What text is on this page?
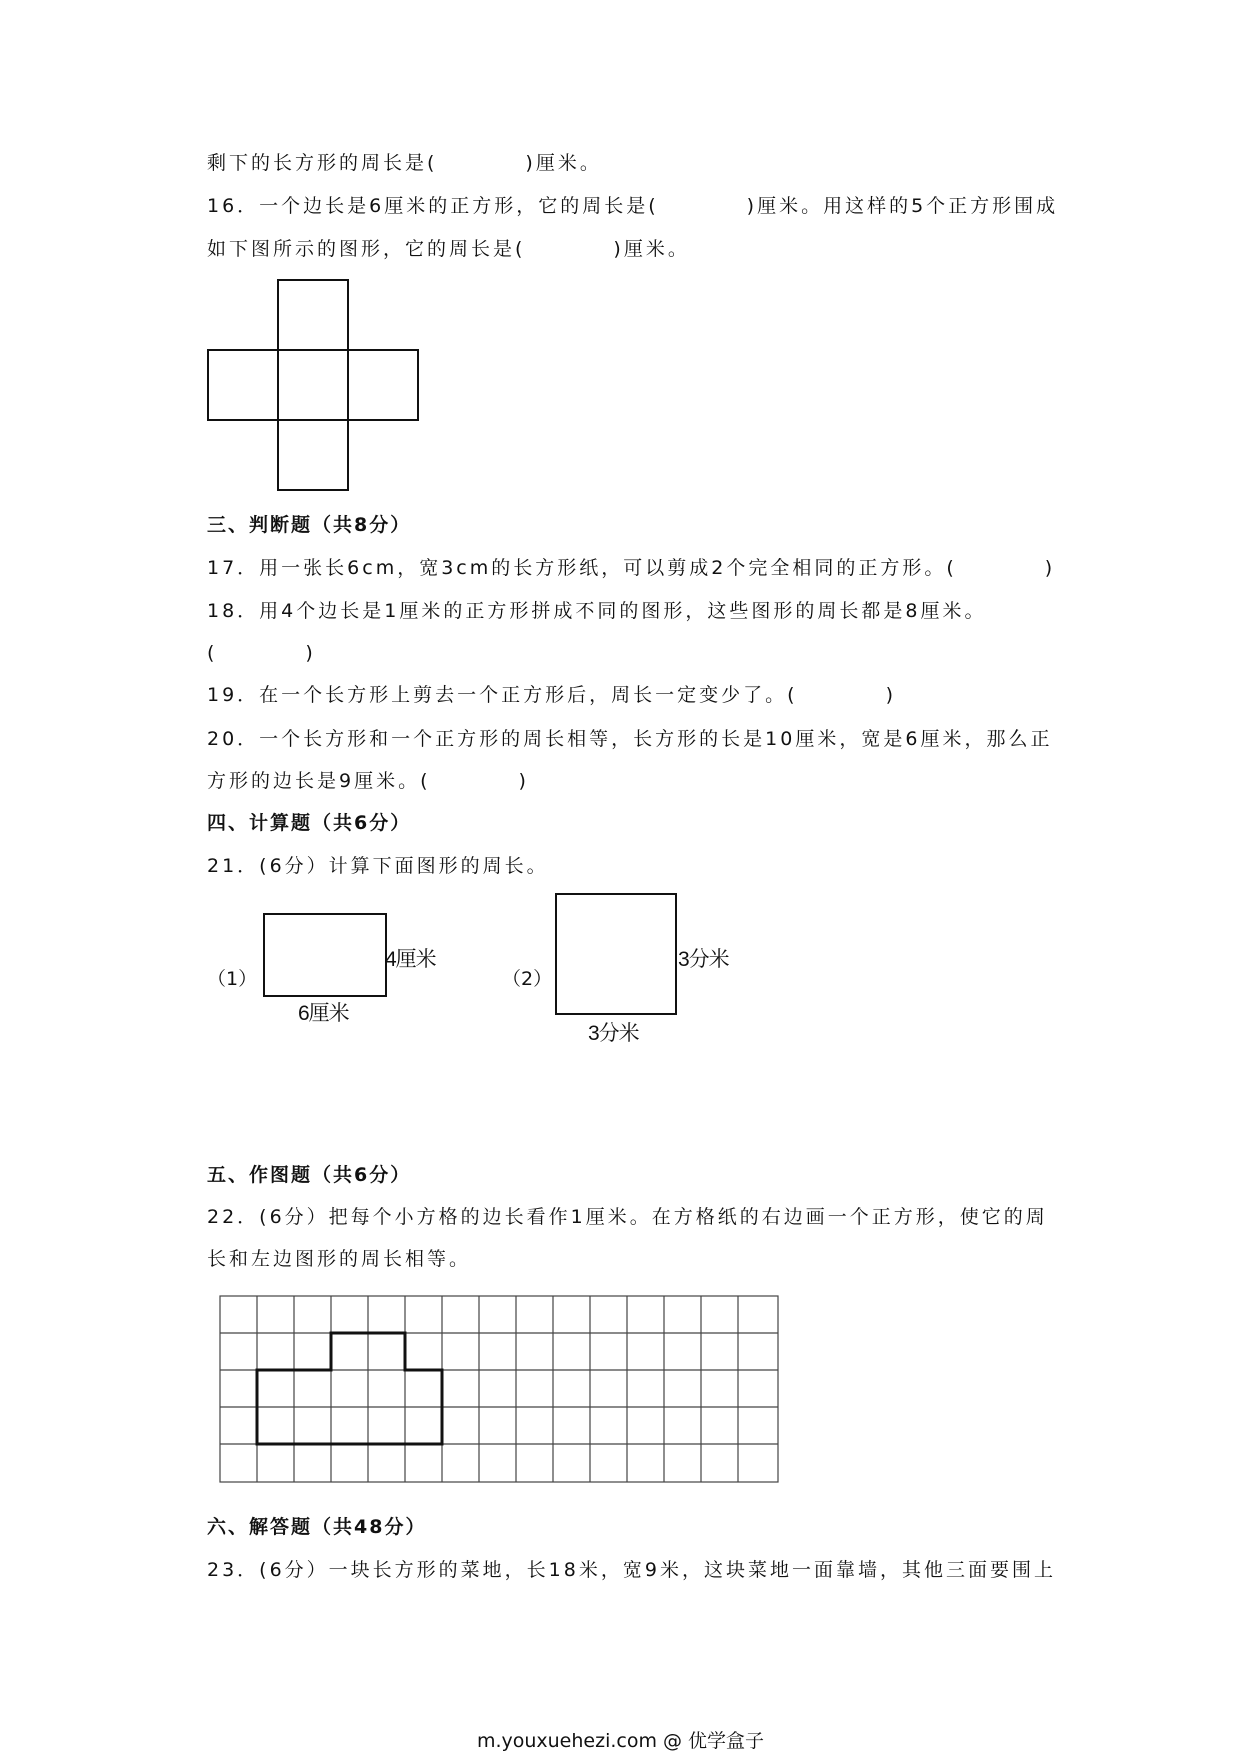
剩下的长方形的周长是(　　　　)厘米。
16．一个边长是6厘米的正方形，它的周长是(　　　　)厘米。用这样的5个正方形围成
如下图所示的图形，它的周长是(　　　　)厘米。
三、判断题（共8分）
17．用一张长6cm，宽3cm的长方形纸，可以剪成2个完全相同的正方形。(　　　　)
18．用4个边长是1厘米的正方形拼成不同的图形，这些图形的周长都是8厘米。
(　　　　)
19．在一个长方形上剪去一个正方形后，周长一定变少了。(　　　　)
20．一个长方形和一个正方形的周长相等，长方形的长是10厘米，宽是6厘米，那么正
方形的边长是9厘米。(　　　　)
四、计算题（共6分）
21．(6分）计算下面图形的周长。
（1）
4厘米
6厘米
（2）
3分米
3分米
五、作图题（共6分）
22．(6分）把每个小方格的边长看作1厘米。在方格纸的右边画一个正方形，使它的周
长和左边图形的周长相等。
六、解答题（共48分）
23．(6分）一块长方形的菜地，长18米，宽9米，这块菜地一面靠墙，其他三面要围上
m.youxuehezi.com @ 优学盒子
